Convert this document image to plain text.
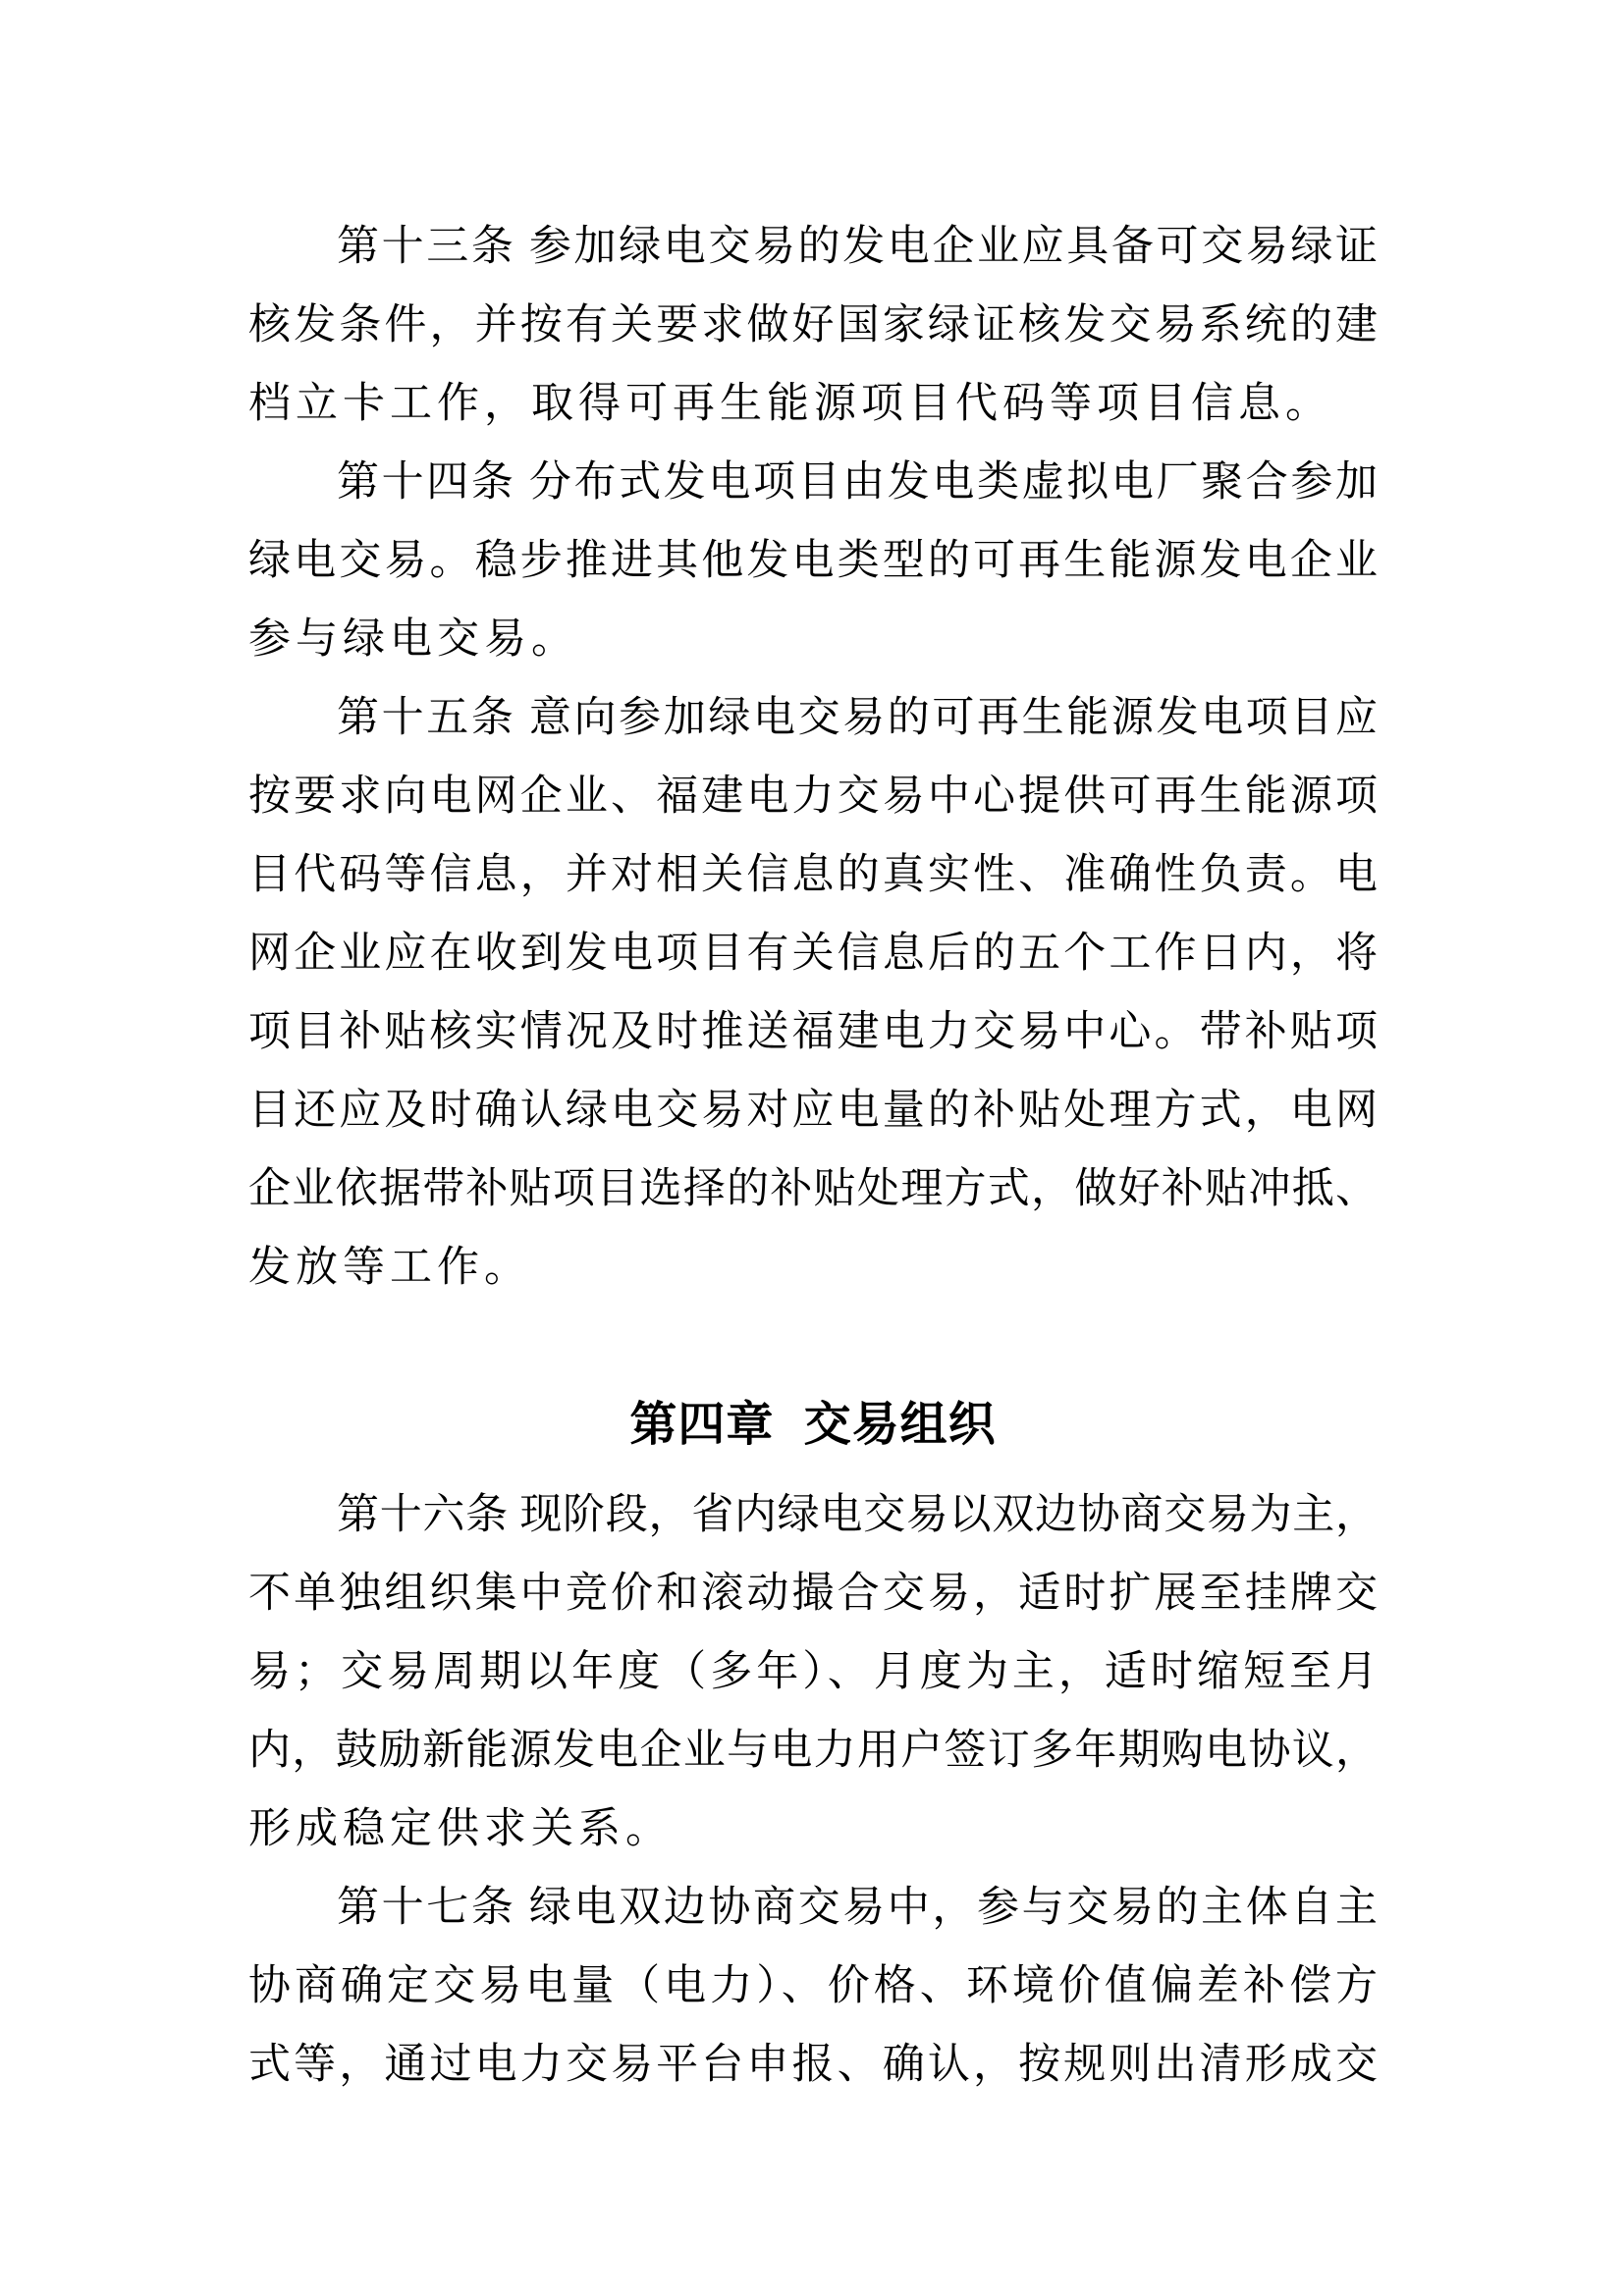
第十三条 参加绿电交易的发电企业应具备可交易绿证
核发条件，并按有关要求做好国家绿证核发交易系统的建
档立卡工作，取得可再生能源项目代码等项目信息。
第十四条 分布式发电项目由发电类虚拟电厂聚合参加
绿电交易。稳步推进其他发电类型的可再生能源发电企业
参与绿电交易。
第十五条 意向参加绿电交易的可再生能源发电项目应
按要求向电网企业、福建电力交易中心提供可再生能源项
目代码等信息，并对相关信息的真实性、准确性负责。电
网企业应在收到发电项目有关信息后的五个工作日内，将
项目补贴核实情况及时推送福建电力交易中心。带补贴项
目还应及时确认绿电交易对应电量的补贴处理方式，电网
企业依据带补贴项目选择的补贴处理方式，做好补贴冲抵、
发放等工作。
第四章 交易组织
第十六条 现阶段，省内绿电交易以双边协商交易为主，
不单独组织集中竞价和滚动撮合交易，适时扩展至挂牌交
易；交易周期以年度（多年）、月度为主，适时缩短至月
内，鼓励新能源发电企业与电力用户签订多年期购电协议，
形成稳定供求关系。
第十七条 绿电双边协商交易中，参与交易的主体自主
协商确定交易电量（电力）、价格、环境价值偏差补偿方
式等，通过电力交易平台申报、确认，按规则出清形成交
